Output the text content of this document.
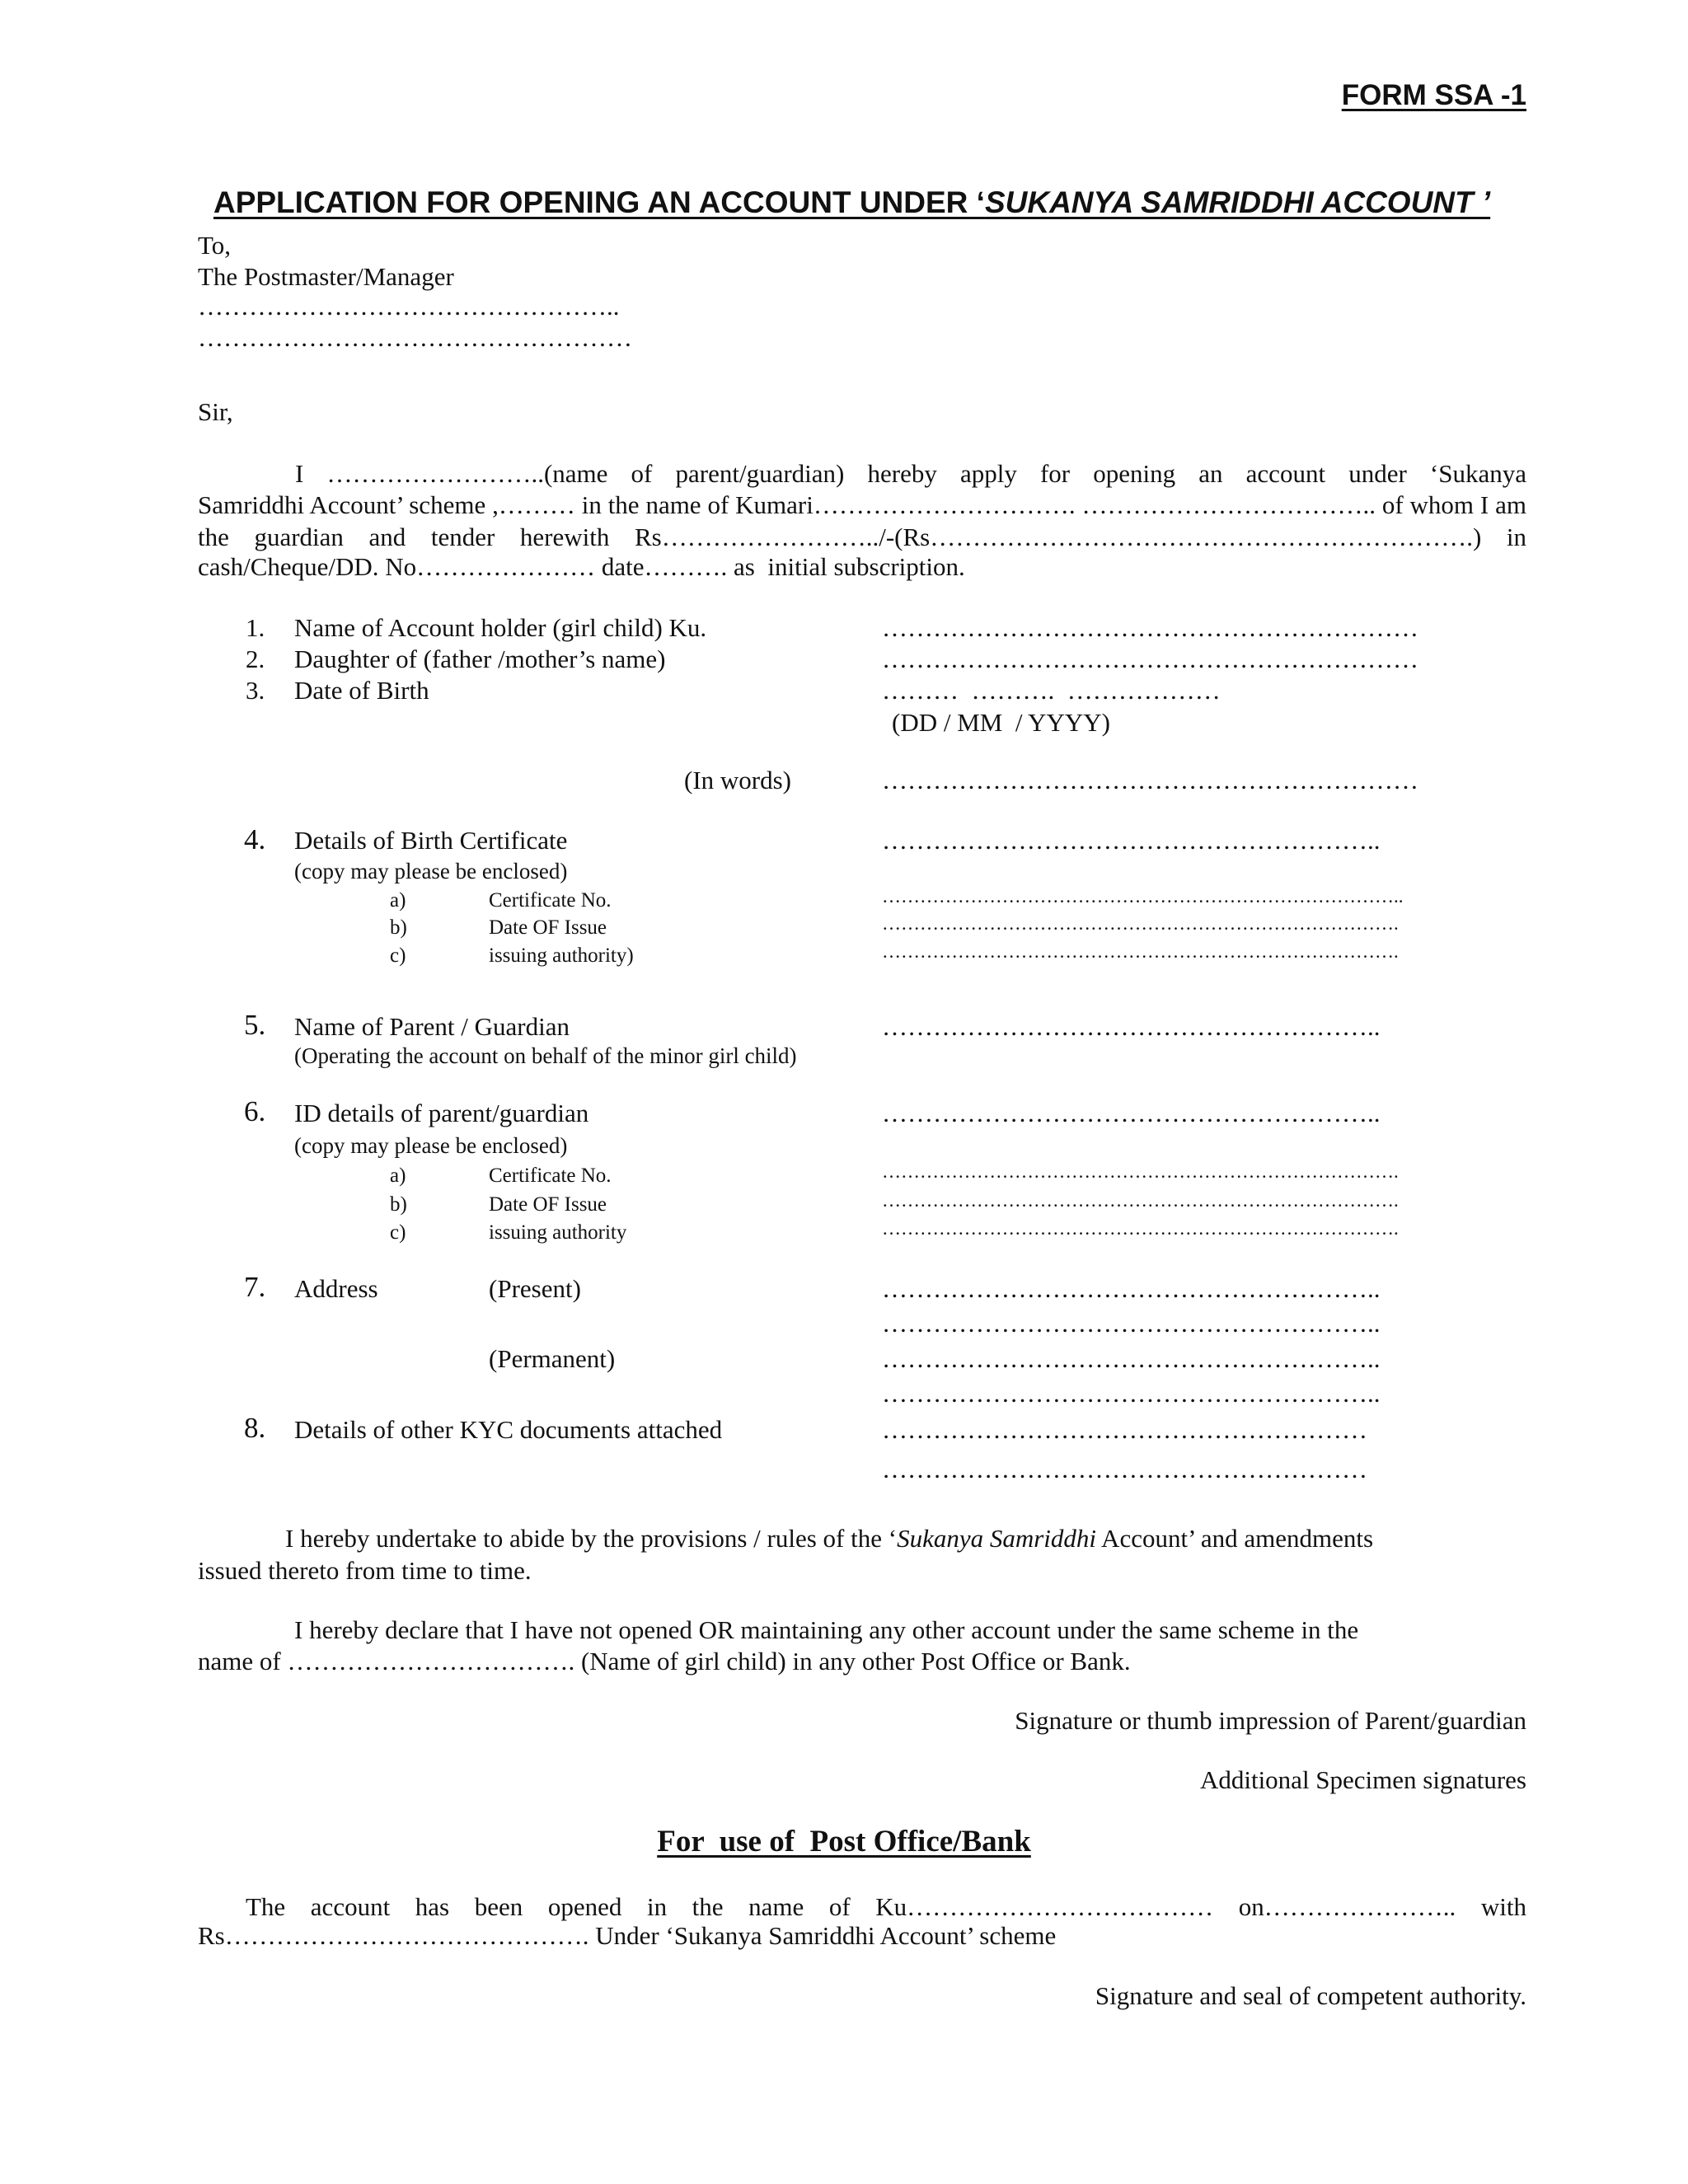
FORM SSA -1

APPLICATION FOR OPENING AN ACCOUNT UNDER ‘SUKANYA SAMRIDDHI ACCOUNT ’

To,
The Postmaster/Manager
…………………………………………..
……………………………………………
Sir,
I ……………………..(name of parent/guardian) hereby apply for opening an account under ‘Sukanya
Samriddhi Account’ scheme ,……… in the name of Kumari…………………………. …………………………….. of whom I am
the guardian and tender herewith Rs……………………../-(Rs……………………………………………………….) in
cash/Cheque/DD. No………………… date………. as  initial subscription.
1. Name of Account holder (girl child) Ku.	………………………………………………………
2. Daughter of (father /mother’s name)	………………………………………………………
3. Date of Birth	………  ……….  ………………
(DD / MM  / YYYY)
(In words)	………………………………………………………
4. Details of Birth Certificate	…………………………………………………..
(copy may please be enclosed)
a)	Certificate No.	………………………………………………………………………..
b)	Date OF Issue	……………………………………………………………………….
c)	issuing authority)	……………………………………………………………………….
5. Name of Parent / Guardian	…………………………………………………..
(Operating the account on behalf of the minor girl child)
6. ID details of parent/guardian	…………………………………………………..
(copy may please be enclosed)
a)	Certificate No.	……………………………………………………………………….
b)	Date OF Issue	……………………………………………………………………….
c)	issuing authority	……………………………………………………………………….
7. Address	(Present)	…………………………………………………..
…………………………………………………..
(Permanent)	…………………………………………………..
…………………………………………………..
8. Details of other KYC documents attached	…………………………………………………
…………………………………………………
I hereby undertake to abide by the provisions / rules of the ‘Sukanya Samriddhi Account’ and amendments
issued thereto from time to time.
I hereby declare that I have not opened OR maintaining any other account under the same scheme in the
name of ……………………………. (Name of girl child) in any other Post Office or Bank.
Signature or thumb impression of Parent/guardian
Additional Specimen signatures
For  use of  Post Office/Bank
The account has been opened in the name of Ku……………………………… on………………….. with
Rs……………………………………. Under ‘Sukanya Samriddhi Account’ scheme
Signature and seal of competent authority.
